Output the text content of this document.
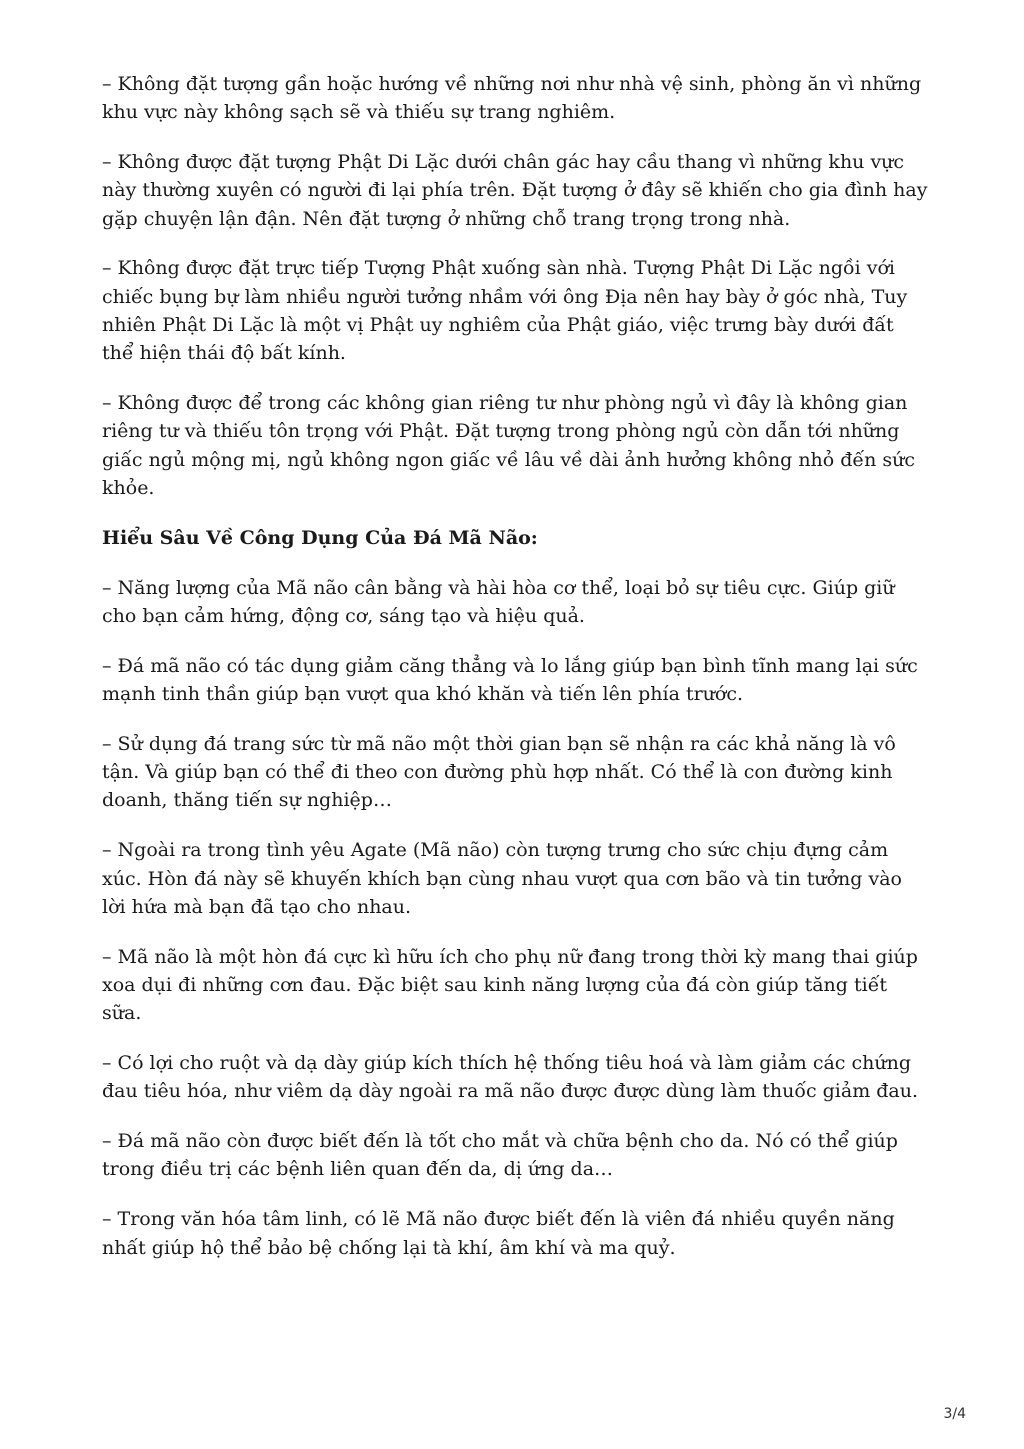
– Không đặt tượng gần hoặc hướng về những nơi như nhà vệ sinh, phòng ăn vì những khu vực này không sạch sẽ và thiếu sự trang nghiêm.

– Không được đặt tượng Phật Di Lặc dưới chân gác hay cầu thang vì những khu vực này thường xuyên có người đi lại phía trên. Đặt tượng ở đây sẽ khiến cho gia đình hay gặp chuyện lận đận. Nên đặt tượng ở những chỗ trang trọng trong nhà.

– Không được đặt trực tiếp Tượng Phật xuống sàn nhà. Tượng Phật Di Lặc ngồi với chiếc bụng bự làm nhiều người tưởng nhầm với ông Địa nên hay bày ở góc nhà, Tuy nhiên Phật Di Lặc là một vị Phật uy nghiêm của Phật giáo, việc trưng bày dưới đất thể hiện thái độ bất kính.

– Không được để trong các không gian riêng tư như phòng ngủ vì đây là không gian riêng tư và thiếu tôn trọng với Phật. Đặt tượng trong phòng ngủ còn dẫn tới những giấc ngủ mộng mị, ngủ không ngon giấc về lâu về dài ảnh hưởng không nhỏ đến sức khỏe.

Hiểu Sâu Về Công Dụng Của Đá Mã Não:

– Năng lượng của Mã não cân bằng và hài hòa cơ thể, loại bỏ sự tiêu cực. Giúp giữ cho bạn cảm hứng, động cơ, sáng tạo và hiệu quả.

– Đá mã não có tác dụng giảm căng thẳng và lo lắng giúp bạn bình tĩnh mang lại sức mạnh tinh thần giúp bạn vượt qua khó khăn và tiến lên phía trước.

– Sử dụng đá trang sức từ mã não một thời gian bạn sẽ nhận ra các khả năng là vô tận. Và giúp bạn có thể đi theo con đường phù hợp nhất. Có thể là con đường kinh doanh, thăng tiến sự nghiệp…

– Ngoài ra trong tình yêu Agate (Mã não) còn tượng trưng cho sức chịu đựng cảm xúc. Hòn đá này sẽ khuyến khích bạn cùng nhau vượt qua cơn bão và tin tưởng vào lời hứa mà bạn đã tạo cho nhau.

– Mã não là một hòn đá cực kì hữu ích cho phụ nữ đang trong thời kỳ mang thai giúp xoa dụi đi những cơn đau. Đặc biệt sau kinh năng lượng của đá còn giúp tăng tiết sữa.

– Có lợi cho ruột và dạ dày giúp kích thích hệ thống tiêu hoá và làm giảm các chứng đau tiêu hóa, như viêm dạ dày ngoài ra mã não được được dùng làm thuốc giảm đau.

– Đá mã não còn được biết đến là tốt cho mắt và chữa bệnh cho da. Nó có thể giúp trong điều trị các bệnh liên quan đến da, dị ứng da…

– Trong văn hóa tâm linh, có lẽ Mã não được biết đến là viên đá nhiều quyền năng nhất giúp hộ thể bảo bệ chống lại tà khí, âm khí và ma quỷ.

3/4
